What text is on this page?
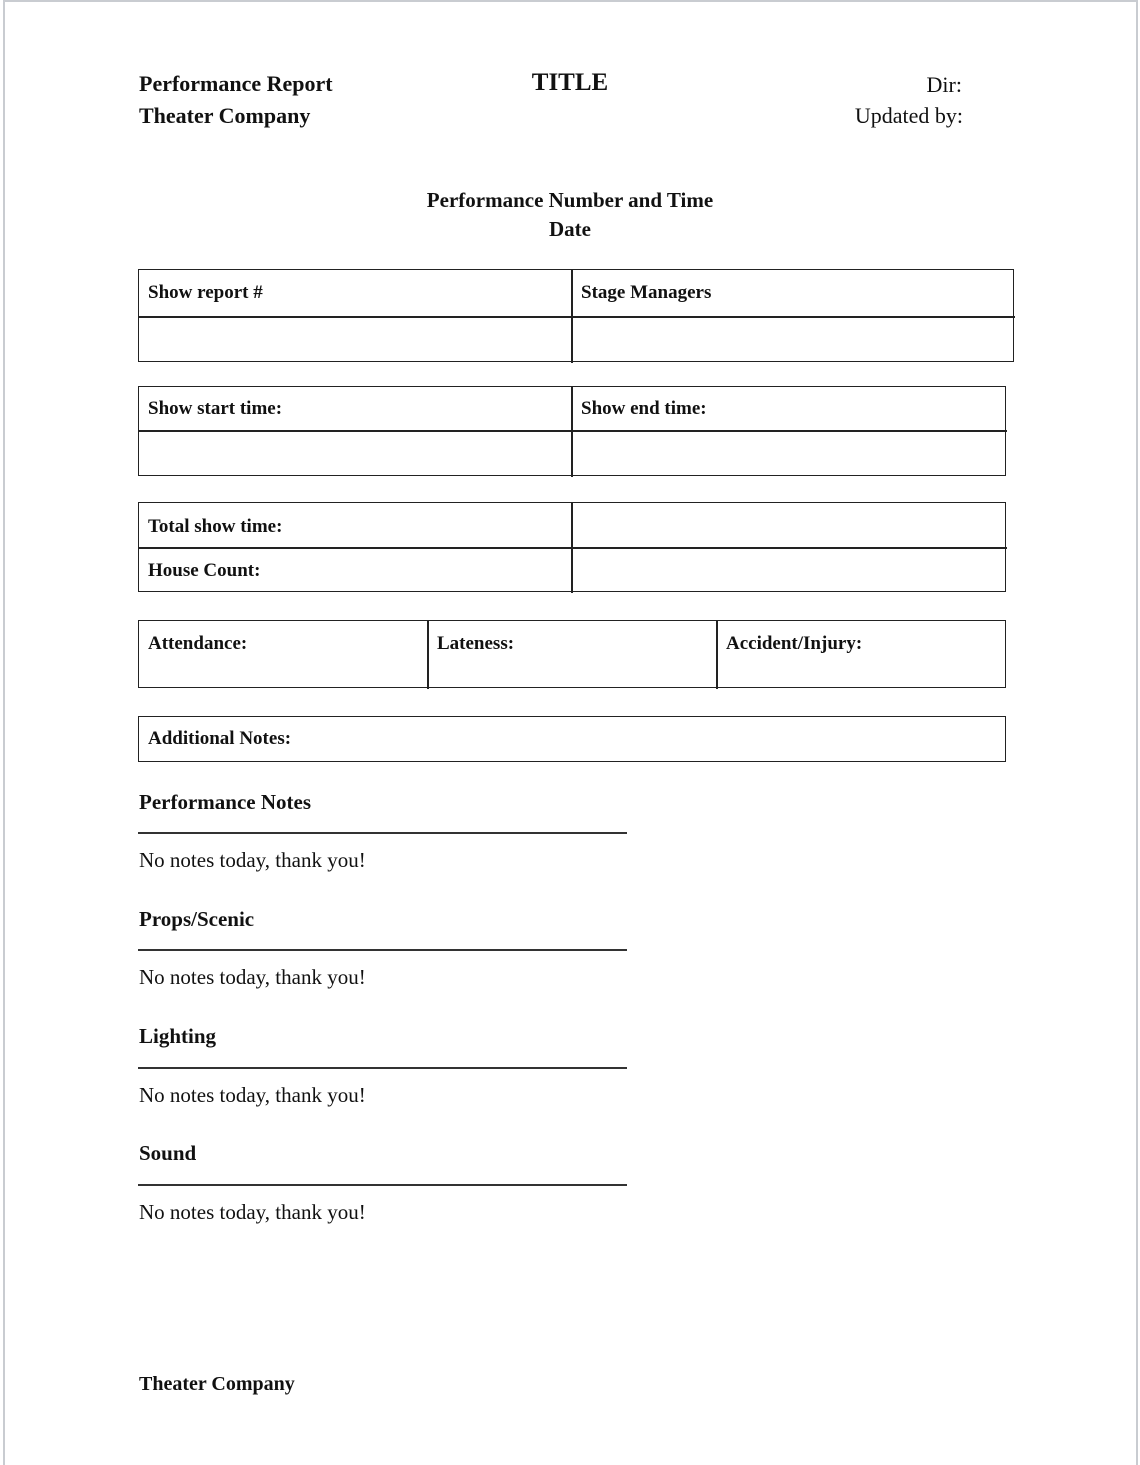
Performance Report
Theater Company
TITLE	Dir:
Updated by:
Performance Number and Time
Date
Show report #	Stage Managers
Show start time:	Show end time:
Total show time:
House Count:
Attendance:	Lateness:	Accident/Injury:
Additional Notes:
Performance Notes
No notes today, thank you!
Props/Scenic
No notes today, thank you!
Lighting
No notes today, thank you!
Sound
No notes today, thank you!
Theater Company
